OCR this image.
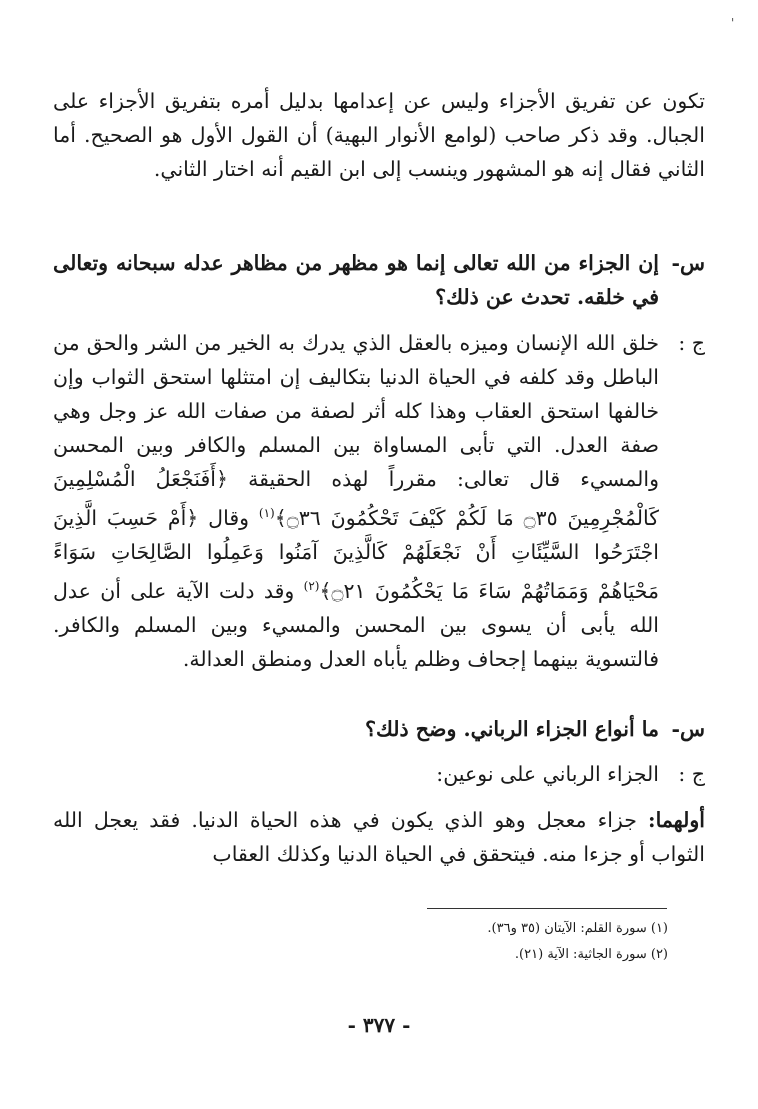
'

تكون عن تفريق الأجزاء وليس عن إعدامها بدليل أمره بتفريق الأجزاء على الجبال. وقد ذكر صاحب (لوامع الأنوار البهية) أن القول الأول هو الصحيح. أما الثاني فقال إنه هو المشهور وينسب إلى ابن القيم أنه اختار الثاني.

س-
إن الجزاء من الله تعالى إنما هو مظهر من مظاهر عدله سبحانه وتعالى في خلقه. تحدث عن ذلك؟
ج :
خلق الله الإنسان وميزه بالعقل الذي يدرك به الخير من الشر والحق من الباطل وقد كلفه في الحياة الدنيا بتكاليف إن امتثلها استحق الثواب وإن خالفها استحق العقاب وهذا كله أثر لصفة من صفات الله عز وجل وهي صفة العدل. التي تأبى المساواة بين المسلم والكافر وبين المحسن والمسيء قال تعالى: مقرراً لهذه الحقيقة ﴿أَفَنَجْعَلُ الْمُسْلِمِينَ كَالْمُجْرِمِينَ ۝٣٥ مَا لَكُمْ كَيْفَ تَحْكُمُونَ ۝٣٦﴾$^{(١)}$ وقال ﴿أَمْ حَسِبَ الَّذِينَ اجْتَرَحُوا السَّيِّئَاتِ أَنْ نَجْعَلَهُمْ كَالَّذِينَ آمَنُوا وَعَمِلُوا الصَّالِحَاتِ سَوَاءً مَحْيَاهُمْ وَمَمَاتُهُمْ سَاءَ مَا يَحْكُمُونَ ۝٢١﴾$^{(٢)}$ وقد دلت الآية على أن عدل الله يأبى أن يسوى بين المحسن والمسيء وبين المسلم والكافر. فالتسوية بينهما إجحاف وظلم يأباه العدل ومنطق العدالة.
س-
ما أنواع الجزاء الرباني. وضح ذلك؟
ج :
الجزاء الرباني على نوعين:

أولهما: جزاء معجل وهو الذي يكون في هذه الحياة الدنيا. فقد يعجل الله الثواب أو جزءا منه. فيتحقق في الحياة الدنيا وكذلك العقاب

(١) سورة القلم: الآيتان (٣٥ و٣٦).
(٢) سورة الجاثية: الآية (٢١).
- ٣٧٧ -
